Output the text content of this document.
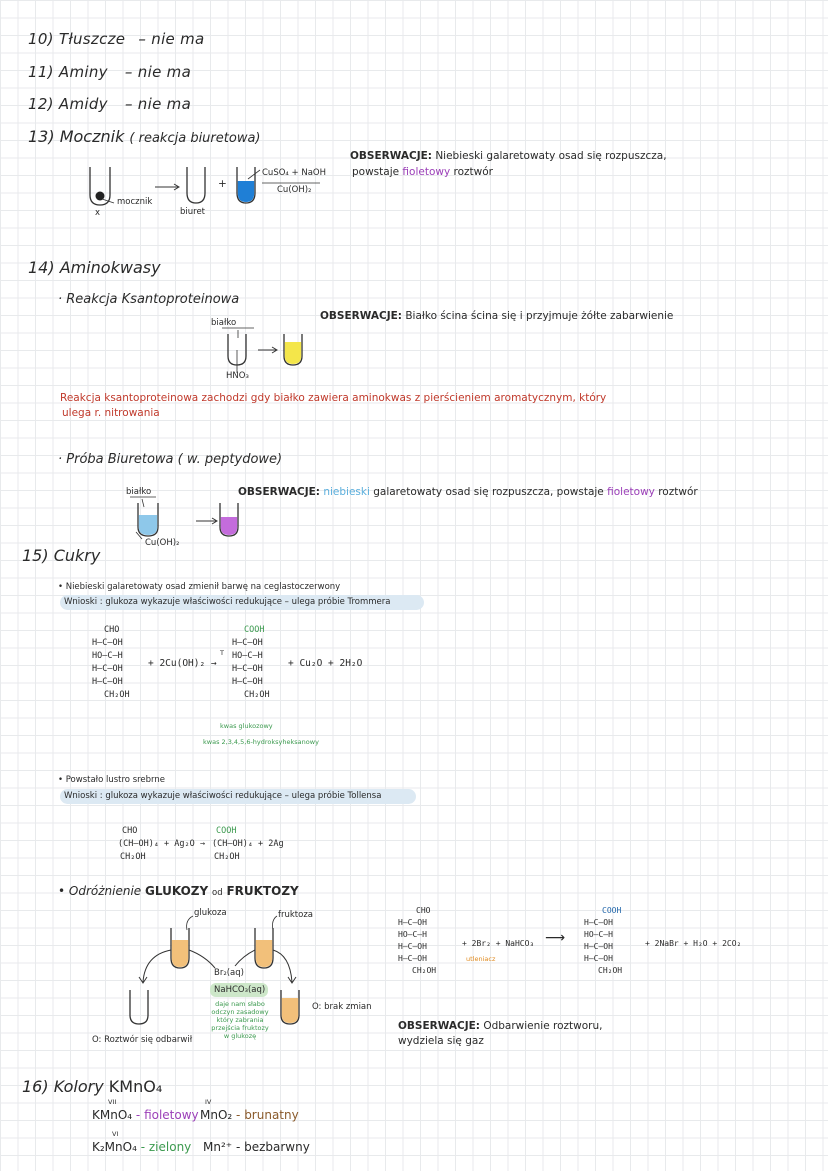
10) Tłuszcze – nie ma
11) Aminy – nie ma
12) Amidy – nie ma
13) Mocznik ( reakcja biuretowa)
OBSERWACJE: Niebieski galaretowaty osad się rozpuszcza,
powstaje fioletowy roztwór
mocznik
x	biuret
+
CuSO₄ + NaOH
Cu(OH)₂
14) Aminokwasy
· Reakcja Ksantoproteinowa
białko
HNO₃
OBSERWACJE: Białko ścina ścina się i przyjmuje żółte zabarwienie
Reakcja ksantoproteinowa zachodzi gdy białko zawiera aminokwas z pierścieniem aromatycznym, który
ulega r. nitrowania
· Próba Biuretowa ( w. peptydowe)
białko
Cu(OH)₂
OBSERWACJE: niebieski galaretowaty osad się rozpuszcza, powstaje fioletowy roztwór
15) Cukry
• Niebieski galaretowaty osad zmienił barwę na ceglastoczerwony
Wnioski : glukoza wykazuje właściwości redukujące – ulega próbie Trommera
CHO
H–C–OH
HO–C–H
H–C–OH
H–C–OH
CH₂OH
+ 2Cu(OH)₂ →
T
COOH
H–C–OH
HO–C–H
H–C–OH
H–C–OH
CH₂OH
+ Cu₂O + 2H₂O
kwas glukozowy
kwas 2,3,4,5,6-hydroksyheksanowy
• Powstało lustro srebrne
Wnioski : glukoza wykazuje właściwości redukujące – ulega próbie Tollensa
CHO
(CH–OH)₄ + Ag₂O →
CH₂OH
COOH
(CH–OH)₄ + 2Ag
CH₂OH
• Odróżnienie GLUKOZY od FRUKTOZY
glukoza	fruktoza
Br₂(aq)
NaHCO₃(aq)
daje nam słabo
odczyn zasadowy
który zabrania
przejścia fruktozy
w glukozę
O: Roztwór się odbarwił
O: brak zmian
CHO
H–C–OH
HO–C–H
H–C–OH
H–C–OH
CH₂OH
+ 2Br₂ + NaHCO₃
utleniacz
⟶
COOH
H–C–OH
HO–C–H
H–C–OH
H–C–OH
CH₂OH
+ 2NaBr + H₂O + 2CO₂
OBSERWACJE: Odbarwienie roztworu,
wydziela się gaz
16) Kolory KMnO₄
VII
KMnO₄ - fioletowy
IV
MnO₂ - brunatny
VI
K₂MnO₄ - zielony Mn²⁺ - bezbarwny
